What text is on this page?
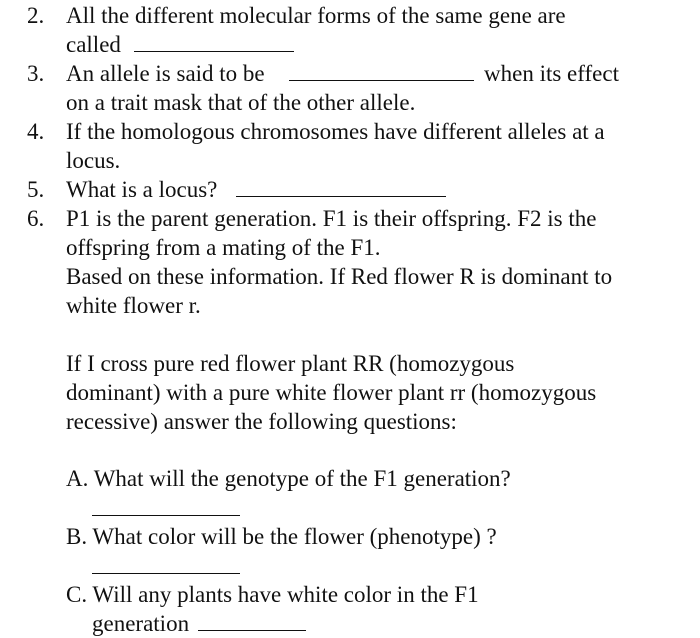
2. All the different molecular forms of the same gene are
called
3. An allele is said to be	when its effect
on a trait mask that of the other allele.
4. If the homologous chromosomes have different alleles at a
locus.
5. What is a locus?
6. P1 is the parent generation. F1 is their offspring. F2 is the
offspring from a mating of the F1.
Based on these information. If Red flower R is dominant to
white flower r.
If I cross pure red flower plant RR (homozygous
dominant) with a pure white flower plant rr (homozygous
recessive) answer the following questions:
A. What will the genotype of the F1 generation?
B. What color will be the flower (phenotype) ?
C. Will any plants have white color in the F1
generation
